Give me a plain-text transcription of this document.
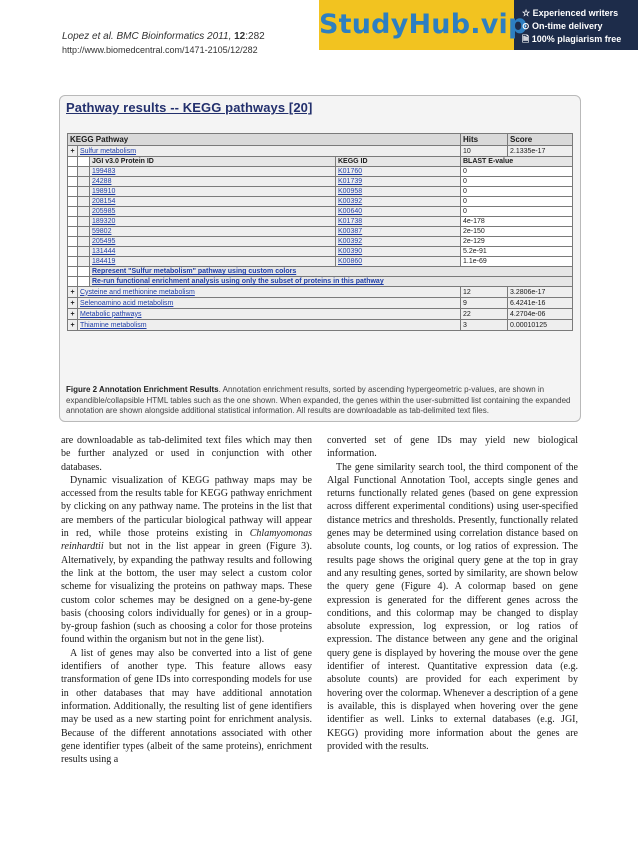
Lopez et al. BMC Bioinformatics 2011, 12:282
http://www.biomedcentral.com/1471-2105/12/282
StudyHub.vip
☆ Experienced writers
⊙ On-time delivery
🗎 100% plagiarism free
Pathway results -- KEGG pathways [20]
KEGG Pathway				Hits	Score
+	Sulfur metabolism			10	2.1335e-17
		JGI v3.0 Protein ID	KEGG ID	BLAST E-value	
		199483	K01760	0	
		24288	K01739	0	
		198910	K00958	0	
		208154	K00392	0	
		205985	K00640	0	
		189320	K01738	4e-178	
		59802	K00387	2e-150	
		205495	K00392	2e-129	
		131444	K00390	5.2e-91	
		184419	K00860	1.1e-69	
		Represent "Sulfur metabolism" pathway using custom colors			
		Re-run functional enrichment analysis using only the subset of proteins in this pathway			
+	Cysteine and methionine metabolism			12	3.2806e-17
+	Selenoamino acid metabolism			9	6.4241e-16
+	Metabolic pathways			22	4.2704e-06
+	Thiamine metabolism			3	0.00010125
Figure 2 Annotation Enrichment Results. Annotation enrichment results, sorted by ascending hypergeometric p-values, are shown in expandible/collapsible HTML tables such as the one shown. When expanded, the genes within the user-submitted list containing the expanded annotation are shown alongside additional statistical information. All results are downloadable as tab-delimited text files.

are downloadable as tab-delimited text files which may then be further analyzed or used in conjunction with other databases.

Dynamic visualization of KEGG pathway maps may be accessed from the results table for KEGG pathway enrichment by clicking on any pathway name. The proteins in the list that are members of the particular biological pathway will appear in red, while those proteins existing in Chlamyomonas reinhardtii but not in the list appear in green (Figure 3). Alternatively, by expanding the pathway results and following the link at the bottom, the user may select a custom color scheme for visualizing the proteins on pathway maps. These custom color schemes may be designed on a gene-by-gene basis (choosing colors individually for genes) or in a group-by-group fashion (such as choosing a color for those proteins found within the organism but not in the gene list).

A list of genes may also be converted into a list of gene identifiers of another type. This feature allows easy transformation of gene IDs into corresponding models for use in other databases that may have additional annotation information. Additionally, the resulting list of gene identifiers may be used as a new starting point for enrichment analysis. Because of the different annotations associated with other gene identifier types (albeit of the same proteins), enrichment results using a

converted set of gene IDs may yield new biological information.

The gene similarity search tool, the third component of the Algal Functional Annotation Tool, accepts single genes and returns functionally related genes (based on gene expression across different experimental conditions) using user-specified distance metrics and thresholds. Presently, functionally related genes may be determined using correlation distance based on absolute counts, log counts, or log ratios of expression. The results page shows the original query gene at the top in gray and any resulting genes, sorted by similarity, are shown below the query gene (Figure 4). A colormap based on gene expression is generated for the different genes across the conditions, and this colormap may be changed to display absolute expression, log expression, or log ratios of expression. The distance between any gene and the original query gene is displayed by hovering the mouse over the gene identifier of interest. Quantitative expression data (e.g. absolute counts) are provided for each experiment by hovering over the colormap. Whenever a description of a gene is available, this is displayed when hovering over the gene identifier as well. Links to external databases (e.g. JGI, KEGG) providing more information about the genes are provided with the results.
